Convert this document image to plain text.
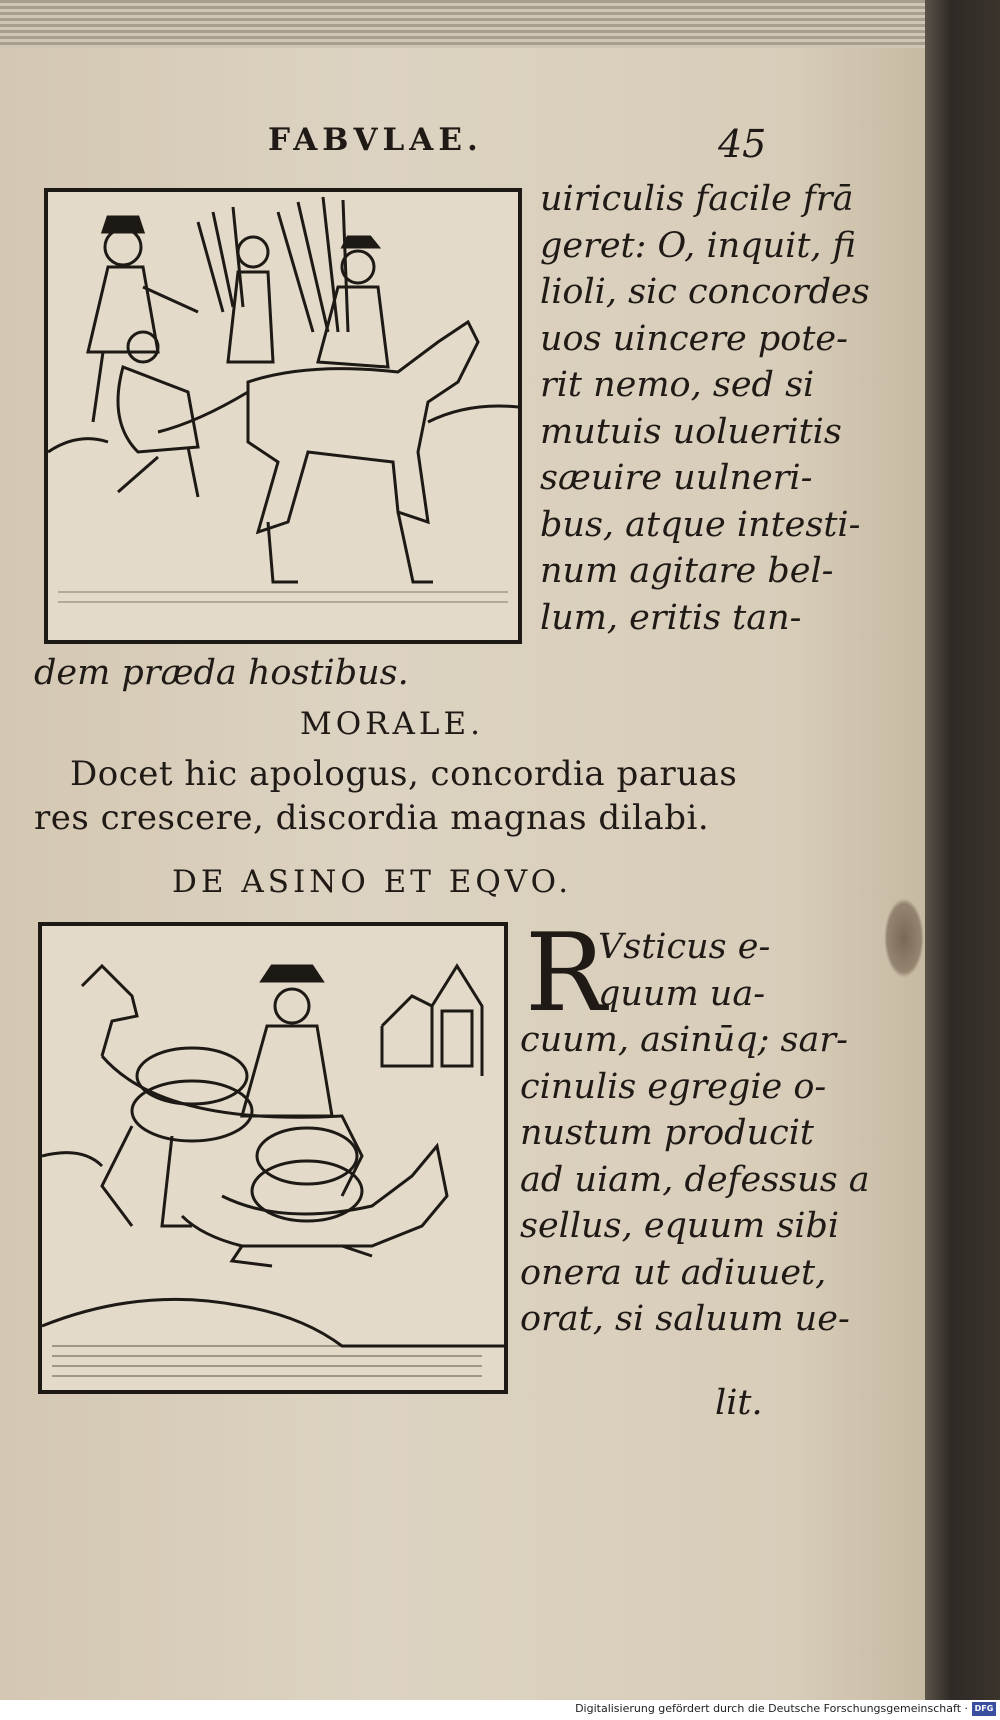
FABVLAE.	45
uiriculis facile frā
geret: O, inquit, fi
lioli, sic concordes
uos uincere pote-
rit nemo, sed si
mutuis uolueritis
sæuire uulneri-
bus, atque intesti-
num agitare bel-
lum, eritis tan-
dem præda hostibus.
MORALE.
Docet hic apologus, concordia paruas
res crescere, discordia magnas dilabi.
DE ASINO ET EQVO.
R
Vsticus e-
quum ua-
cuum, asinūq; sar-
cinulis egregie o-
nustum producit
ad uiam, defessus a
sellus, equum sibi
onera ut adiuuet,
orat, si saluum ue-
lit.
Digitalisierung gefördert durch die Deutsche Forschungsgemeinschaft · DFG
